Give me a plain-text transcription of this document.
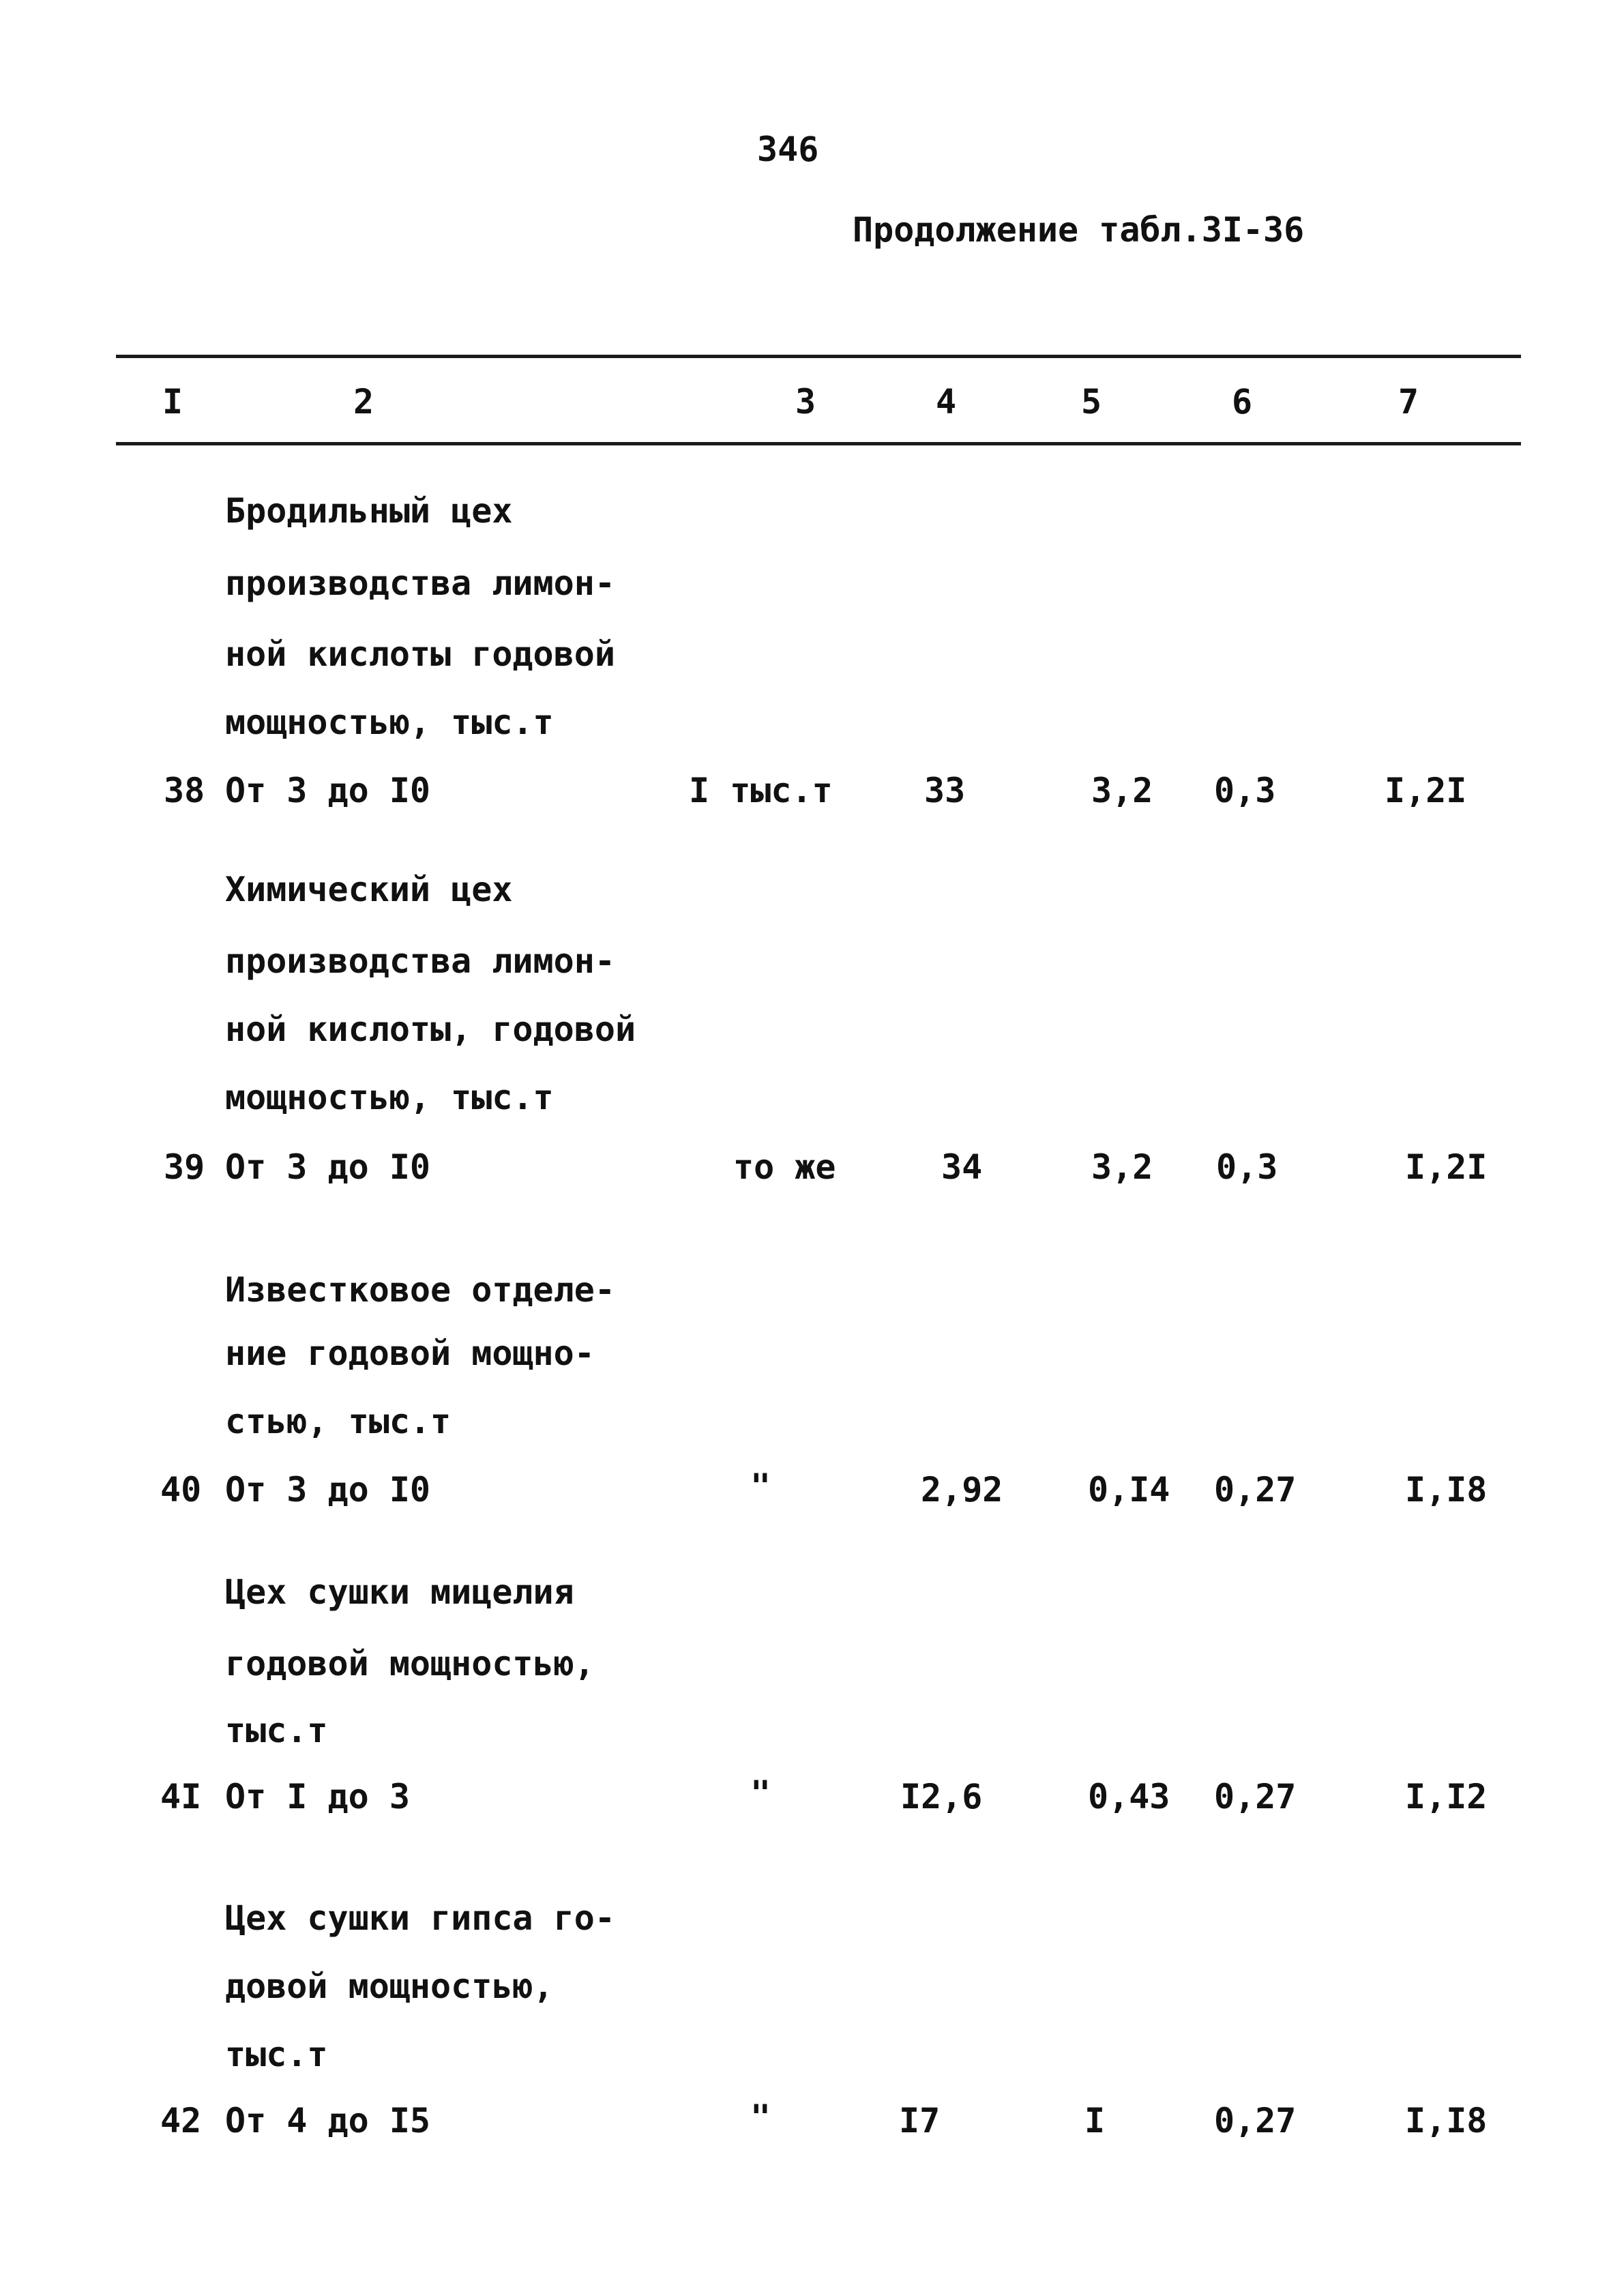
346
Продолжение табл.3I-36
I	2	3	4	5	6	7
Бродильный цех
производства лимон-
ной кислоты годовой
мощностью, тыс.т
38 От 3 до I0	I тыс.т	33	3,2 0,3	I,2I
Химический цех
производства лимон-
ной кислоты, годовой
мощностью, тыс.т
39 От 3 до I0	то же	34	3,2 0,3	I,2I
Известковое отделе-
ние годовой мощно-
стью, тыс.т
40 От 3 до I0	"	2,92 0,I4 0,27	I,I8
Цех сушки мицелия
годовой мощностью,
тыс.т
4I От I до 3	"	I2,6	0,43 0,27	I,I2
Цех сушки гипса го-
довой мощностью,
тыс.т
42 От 4 до I5	"	I7	I	0,27	I,I8
